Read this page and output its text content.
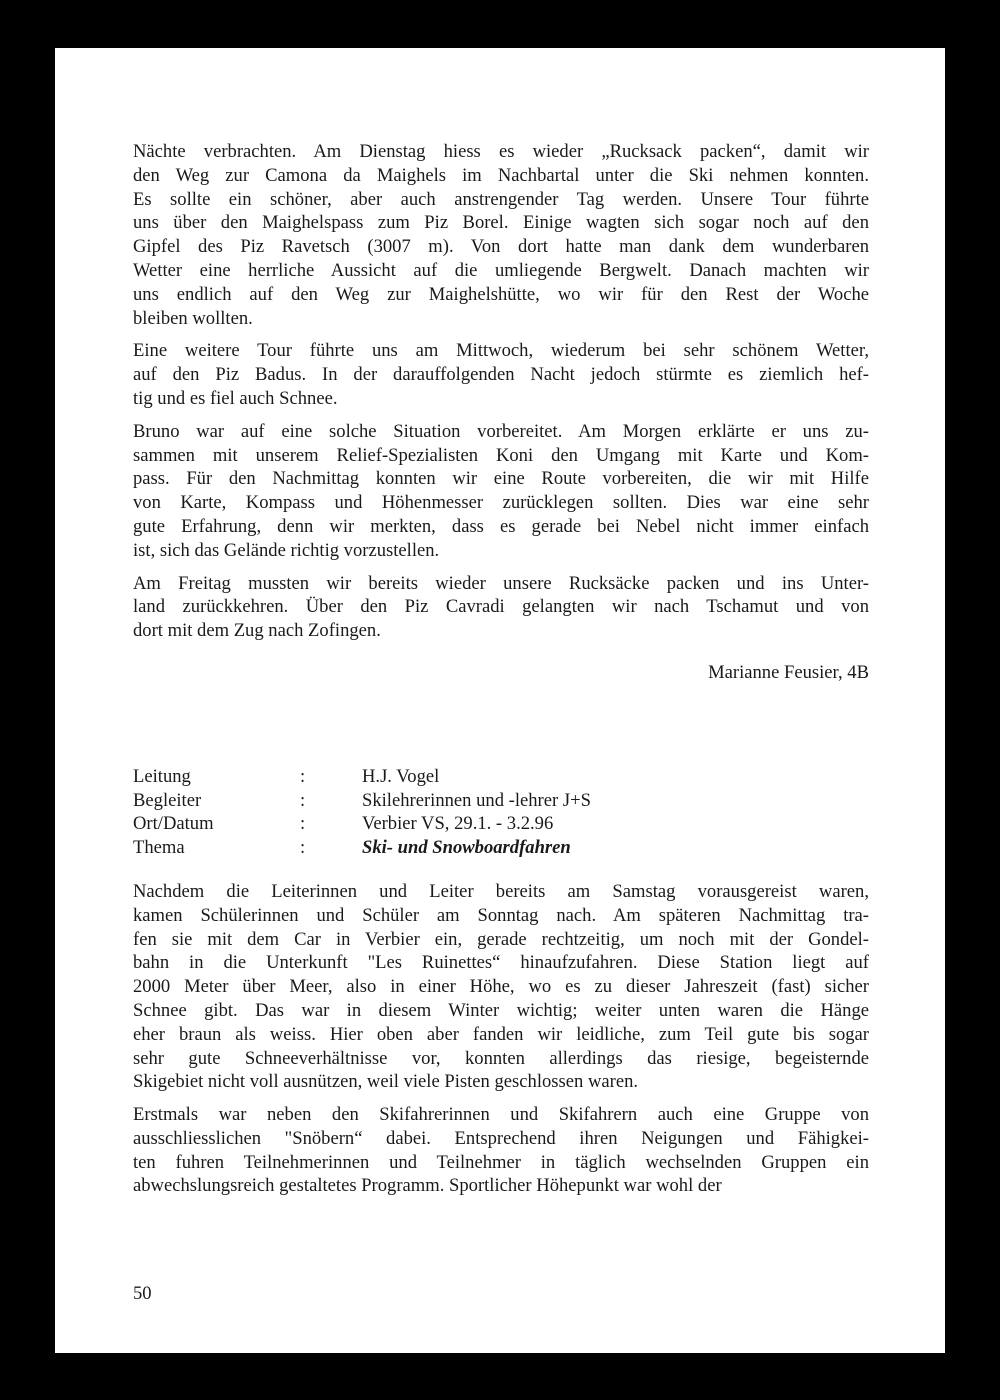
Nächte verbrachten. Am Dienstag hiess es wieder „Rucksack packen“, damit wir
den Weg zur Camona da Maighels im Nachbartal unter die Ski nehmen konnten.
Es sollte ein schöner, aber auch anstrengender Tag werden. Unsere Tour führte
uns über den Maighelspass zum Piz Borel. Einige wagten sich sogar noch auf den
Gipfel des Piz Ravetsch (3007 m). Von dort hatte man dank dem wunderbaren
Wetter eine herrliche Aussicht auf die umliegende Bergwelt. Danach machten wir
uns endlich auf den Weg zur Maighelshütte, wo wir für den Rest der Woche
bleiben wollten.
Eine weitere Tour führte uns am Mittwoch, wiederum bei sehr schönem Wetter,
auf den Piz Badus. In der darauffolgenden Nacht jedoch stürmte es ziemlich hef-
tig und es fiel auch Schnee.
Bruno war auf eine solche Situation vorbereitet. Am Morgen erklärte er uns zu-
sammen mit unserem Relief-Spezialisten Koni den Umgang mit Karte und Kom-
pass. Für den Nachmittag konnten wir eine Route vorbereiten, die wir mit Hilfe
von Karte, Kompass und Höhenmesser zurücklegen sollten. Dies war eine sehr
gute Erfahrung, denn wir merkten, dass es gerade bei Nebel nicht immer einfach
ist, sich das Gelände richtig vorzustellen.
Am Freitag mussten wir bereits wieder unsere Rucksäcke packen und ins Unter-
land zurückkehren. Über den Piz Cavradi gelangten wir nach Tschamut und von
dort mit dem Zug nach Zofingen.
Marianne Feusier, 4B
Leitung	:	H.J. Vogel
Begleiter	:	Skilehrerinnen und -lehrer J+S
Ort/Datum	:	Verbier VS, 29.1. - 3.2.96
Thema	:	Ski- und Snowboardfahren
Nachdem die Leiterinnen und Leiter bereits am Samstag vorausgereist waren,
kamen Schülerinnen und Schüler am Sonntag nach. Am späteren Nachmittag tra-
fen sie mit dem Car in Verbier ein, gerade rechtzeitig, um noch mit der Gondel-
bahn in die Unterkunft "Les Ruinettes“ hinaufzufahren. Diese Station liegt auf
2000 Meter über Meer, also in einer Höhe, wo es zu dieser Jahreszeit (fast) sicher
Schnee gibt. Das war in diesem Winter wichtig; weiter unten waren die Hänge
eher braun als weiss. Hier oben aber fanden wir leidliche, zum Teil gute bis sogar
sehr gute Schneeverhältnisse vor, konnten allerdings das riesige, begeisternde
Skigebiet nicht voll ausnützen, weil viele Pisten geschlossen waren.
Erstmals war neben den Skifahrerinnen und Skifahrern auch eine Gruppe von
ausschliesslichen "Snöbern“ dabei. Entsprechend ihren Neigungen und Fähigkei-
ten fuhren Teilnehmerinnen und Teilnehmer in täglich wechselnden Gruppen ein
abwechslungsreich gestaltetes Programm. Sportlicher Höhepunkt war wohl der
50
